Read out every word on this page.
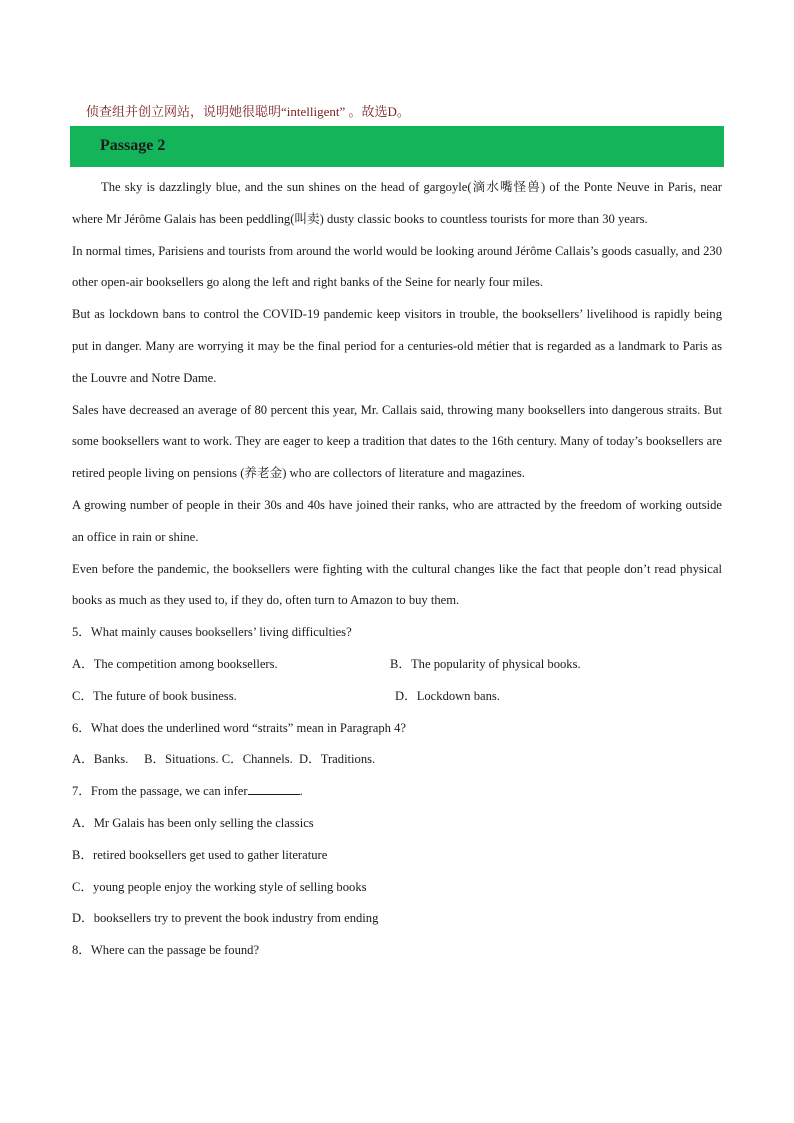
侦查组并创立网站，说明她很聪明“intelligent” 。故选D。
Passage 2

The sky is dazzlingly blue, and the sun shines on the head of gargoyle(滴水嘴怪兽) of the Ponte Neuve in Paris, near where Mr Jérôme Galais has been peddling(叫卖) dusty classic books to countless tourists for more than 30 years.

In normal times, Parisiens and tourists from around the world would be looking around Jérôme Callais’s goods casually, and 230 other open-air booksellers go along the left and right banks of the Seine for nearly four miles.

But as lockdown bans to control the COVID-19 pandemic keep visitors in trouble, the booksellers’ livelihood is rapidly being put in danger. Many are worrying it may be the final period for a centuries-old métier that is regarded as a landmark to Paris as the Louvre and Notre Dame.

Sales have decreased an average of 80 percent this year, Mr. Callais said, throwing many booksellers into dangerous straits. But some booksellers want to work. They are eager to keep a tradition that dates to the 16th century. Many of today’s booksellers are retired people living on pensions (养老金) who are collectors of literature and magazines.

A growing number of people in their 30s and 40s have joined their ranks, who are attracted by the freedom of working outside an office in rain or shine.

Even before the pandemic, the booksellers were fighting with the cultural changes like the fact that people don’t read physical books as much as they used to, if they do, often turn to Amazon to buy them.

5．What mainly causes booksellers’ living difficulties?
A．The competition among booksellers.	B．The popularity of physical books.
C．The future of book business.	D．Lockdown bans.
6．What does the underlined word “straits” mean in Paragraph 4?
A．Banks.     B．Situations. C．Channels.  D．Traditions.
7．From the passage, we can infer	.
A．Mr Galais has been only selling the classics
B．retired booksellers get used to gather literature
C．young people enjoy the working style of selling books
D．booksellers try to prevent the book industry from ending
8．Where can the passage be found?
